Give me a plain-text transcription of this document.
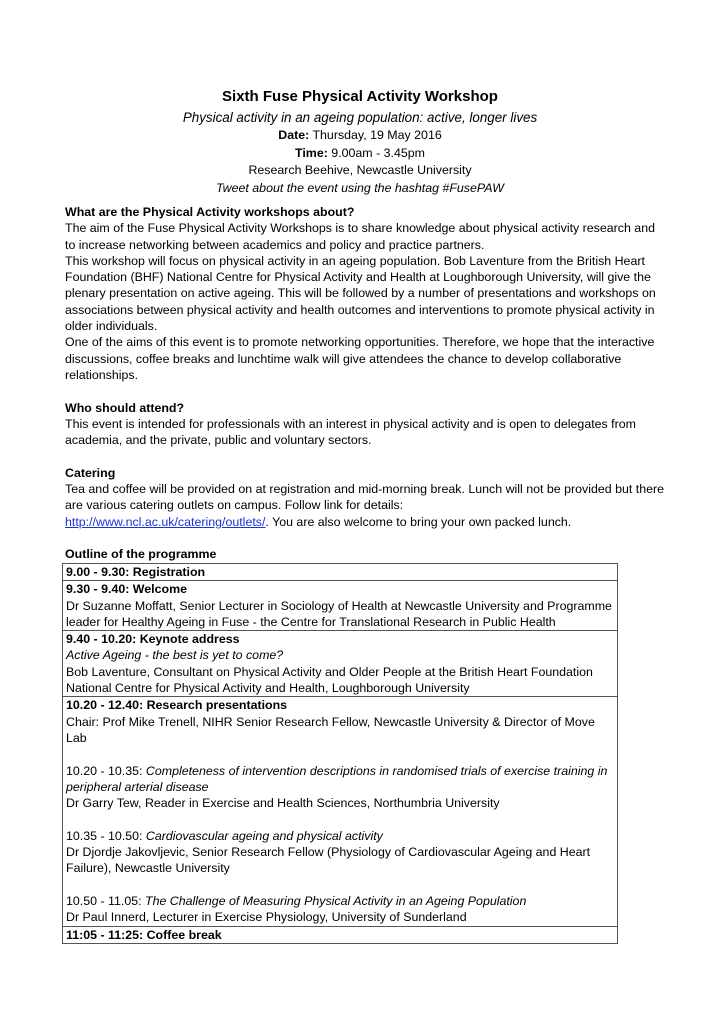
Sixth Fuse Physical Activity Workshop
Physical activity in an ageing population: active, longer lives
Date: Thursday, 19 May 2016
Time: 9.00am - 3.45pm
Research Beehive, Newcastle University
Tweet about the event using the hashtag #FusePAW
What are the Physical Activity workshops about?

The aim of the Fuse Physical Activity Workshops is to share knowledge about physical activity research and to increase networking between academics and policy and practice partners.

This workshop will focus on physical activity in an ageing population. Bob Laventure from the British Heart Foundation (BHF) National Centre for Physical Activity and Health at Loughborough University, will give the plenary presentation on active ageing. This will be followed by a number of presentations and workshops on associations between physical activity and health outcomes and interventions to promote physical activity in older individuals.

One of the aims of this event is to promote networking opportunities. Therefore, we hope that the interactive discussions, coffee breaks and lunchtime walk will give attendees the chance to develop collaborative relationships.

Who should attend?

This event is intended for professionals with an interest in physical activity and is open to delegates from academia, and the private, public and voluntary sectors.

Catering

Tea and coffee will be provided on at registration and mid-morning break. Lunch will not be provided but there are various catering outlets on campus. Follow link for details:
http://www.ncl.ac.uk/catering/outlets/. You are also welcome to bring your own packed lunch.

Outline of the programme
9.00 - 9.30: Registration

9.30 - 9.40: Welcome
Dr Suzanne Moffatt, Senior Lecturer in Sociology of Health at Newcastle University and Programme leader for Healthy Ageing in Fuse - the Centre for Translational Research in Public Health

9.40 - 10.20: Keynote address
Active Ageing - the best is yet to come?
Bob Laventure, Consultant on Physical Activity and Older People at the British Heart Foundation National Centre for Physical Activity and Health, Loughborough University

10.20 - 12.40: Research presentations
Chair: Prof Mike Trenell, NIHR Senior Research Fellow, Newcastle University & Director of Move Lab
10.20 - 10.35: Completeness of intervention descriptions in randomised trials of exercise training in peripheral arterial disease
Dr Garry Tew, Reader in Exercise and Health Sciences, Northumbria University
10.35 - 10.50: Cardiovascular ageing and physical activity
Dr Djordje Jakovljevic, Senior Research Fellow (Physiology of Cardiovascular Ageing and Heart Failure), Newcastle University
10.50 - 11.05: The Challenge of Measuring Physical Activity in an Ageing Population
Dr Paul Innerd, Lecturer in Exercise Physiology, University of Sunderland

11:05 - 11:25: Coffee break
